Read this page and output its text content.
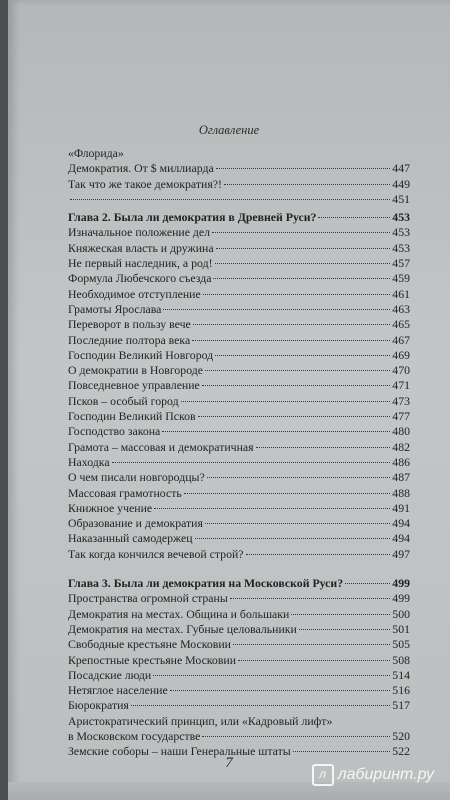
Оглавление
«Флорида»
Демократия. От $ миллиарда	447
Так что же такое демократия?!	449
451
Глава 2. Была ли демократия в Древней Руси?	453
Изначальное положение дел	453
Княжеская власть и дружина	453
Не первый наследник, а род!	457
Формула Любечского съезда	459
Необходимое отступление	461
Грамоты Ярослава	463
Переворот в пользу вече	465
Последние полтора века	467
Господин Великий Новгород	469
О демократии в Новгороде	470
Повседневное управление	471
Псков – особый город	473
Господин Великий Псков	477
Господство закона	480
Грамота – массовая и демократичная	482
Находка	486
О чем писали новгородцы?	487
Массовая грамотность	488
Книжное учение	491
Образование и демократия	494
Наказанный самодержец	494
Так когда кончился вечевой строй?	497
Глава 3. Была ли демократия на Московской Руси?	499
Пространства огромной страны	499
Демократия на местах. Община и большаки	500
Демократия на местах. Губные целовальники	501
Свободные крестьяне Московии	505
Крепостные крестьяне Московии	508
Посадские люди	514
Нетяглое население	516
Бюрократия	517
Аристократический принцип, или «Кадровый лифт»
в Московском государстве	520
Земские соборы – наши Генеральные штаты	522
7
л лабиринт.ру
